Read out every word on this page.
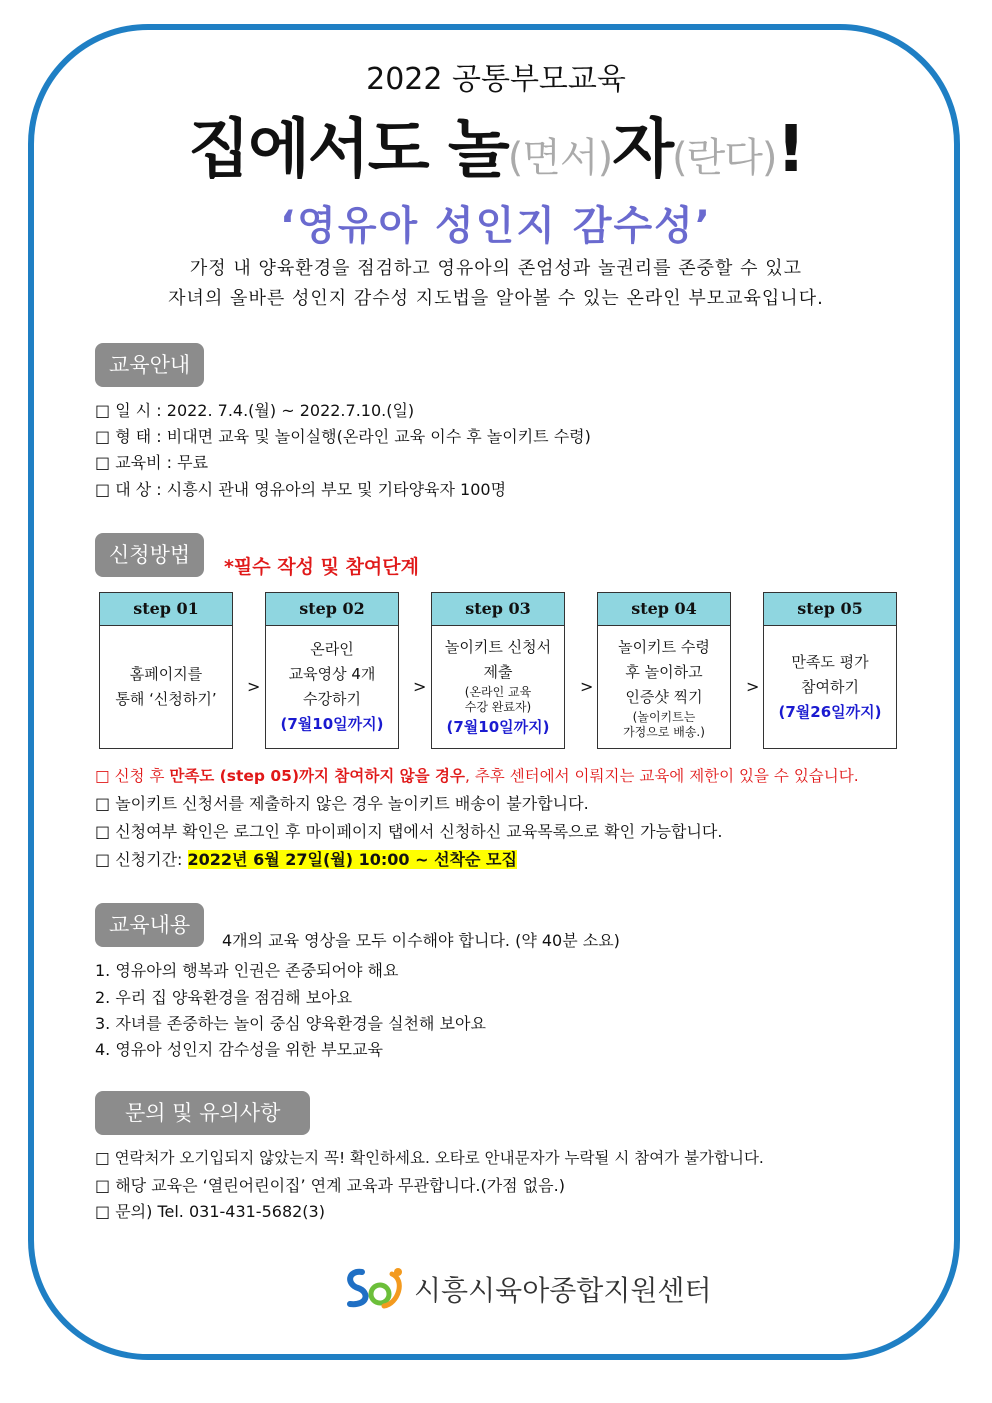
2022 공통부모교육
집에서도 놀(면서)자(란다)!
‘영유아 성인지 감수성’
가정 내 양육환경을 점검하고 영유아의 존엄성과 놀권리를 존중할 수 있고
자녀의 올바른 성인지 감수성 지도법을 알아볼 수 있는 온라인 부모교육입니다.
교육안내
□ 일 시 : 2022. 7.4.(월) ~ 2022.7.10.(일)
□ 형 태 : 비대면 교육 및 놀이실행(온라인 교육 이수 후 놀이키트 수령)
□ 교육비 : 무료
□ 대 상 : 시흥시 관내 영유아의 부모 및 기타양육자 100명
신청방법	*필수 작성 및 참여단계
step 01
홈페이지를
통해 ‘신청하기’
>
step 02
온라인
교육영상 4개
수강하기
(7월10일까지)
>
step 03
놀이키트 신청서
제출
(온라인 교육
수강 완료자)
(7월10일까지)
>
step 04
놀이키트 수령
후 놀이하고
인증샷 찍기
(놀이키트는
가정으로 배송.)
>
step 05
만족도 평가
참여하기
(7월26일까지)
□ 신청 후 만족도 (step 05)까지 참여하지 않을 경우, 추후 센터에서 이뤄지는 교육에 제한이 있을 수 있습니다.
□ 놀이키트 신청서를 제출하지 않은 경우 놀이키트 배송이 불가합니다.
□ 신청여부 확인은 로그인 후 마이페이지 탭에서 신청하신 교육목록으로 확인 가능합니다.
□ 신청기간: 2022년 6월 27일(월) 10:00 ~ 선착순 모집
교육내용
4개의 교육 영상을 모두 이수해야 합니다. (약 40분 소요)
1. 영유아의 행복과 인권은 존중되어야 해요
2. 우리 집 양육환경을 점검해 보아요
3. 자녀를 존중하는 놀이 중심 양육환경을 실천해 보아요
4. 영유아 성인지 감수성을 위한 부모교육
문의 및 유의사항
□ 연락처가 오기입되지 않았는지 꼭! 확인하세요. 오타로 안내문자가 누락될 시 참여가 불가합니다.
□ 해당 교육은 ‘열린어린이집’ 연계 교육과 무관합니다.(가점 없음.)
□ 문의) Tel. 031-431-5682(3)
시흥시육아종합지원센터
